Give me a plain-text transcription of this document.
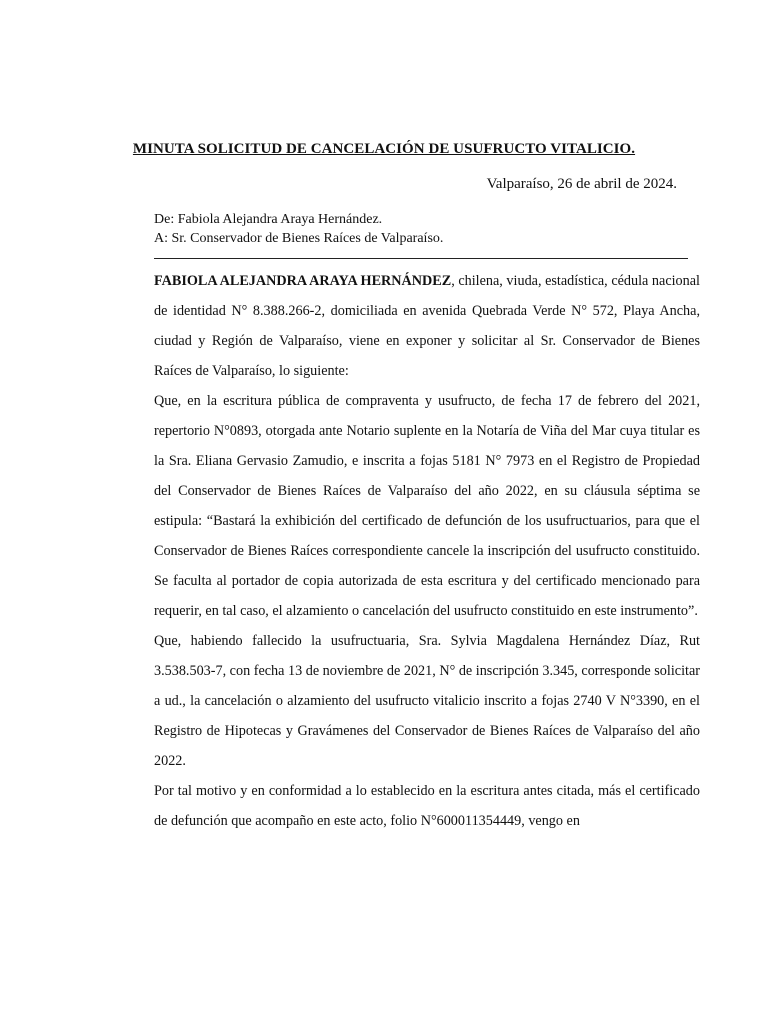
MINUTA SOLICITUD DE CANCELACIÓN DE USUFRUCTO VITALICIO.
Valparaíso, 26 de abril de 2024.
De: Fabiola Alejandra Araya Hernández.
A: Sr. Conservador de Bienes Raíces de Valparaíso.

FABIOLA ALEJANDRA ARAYA HERNÁNDEZ, chilena, viuda, estadística, cédula nacional de identidad N° 8.388.266-2, domiciliada en avenida Quebrada Verde N° 572, Playa Ancha, ciudad y Región de Valparaíso, viene en exponer y solicitar al Sr. Conservador de Bienes Raíces de Valparaíso, lo siguiente:

Que, en la escritura pública de compraventa y usufructo, de fecha 17 de febrero del 2021, repertorio N°0893, otorgada ante Notario suplente en la Notaría de Viña del Mar cuya titular es la Sra. Eliana Gervasio Zamudio, e inscrita a fojas 5181 N° 7973 en el Registro de Propiedad del Conservador de Bienes Raíces de Valparaíso del año 2022, en su cláusula séptima se estipula: “Bastará la exhibición del certificado de defunción de los usufructuarios, para que el Conservador de Bienes Raíces correspondiente cancele la inscripción del usufructo constituido. Se faculta al portador de copia autorizada de esta escritura y del certificado mencionado para requerir, en tal caso, el alzamiento o cancelación del usufructo constituido en este instrumento”.

Que, habiendo fallecido la usufructuaria, Sra. Sylvia Magdalena Hernández Díaz, Rut 3.538.503-7, con fecha 13 de noviembre de 2021, N° de inscripción 3.345, corresponde solicitar a ud., la cancelación o alzamiento del usufructo vitalicio inscrito a fojas 2740 V N°3390, en el Registro de Hipotecas y Gravámenes del Conservador de Bienes Raíces de Valparaíso del año 2022.

Por tal motivo y en conformidad a lo establecido en la escritura antes citada, más el certificado de defunción que acompaño en este acto, folio N°600011354449, vengo en
